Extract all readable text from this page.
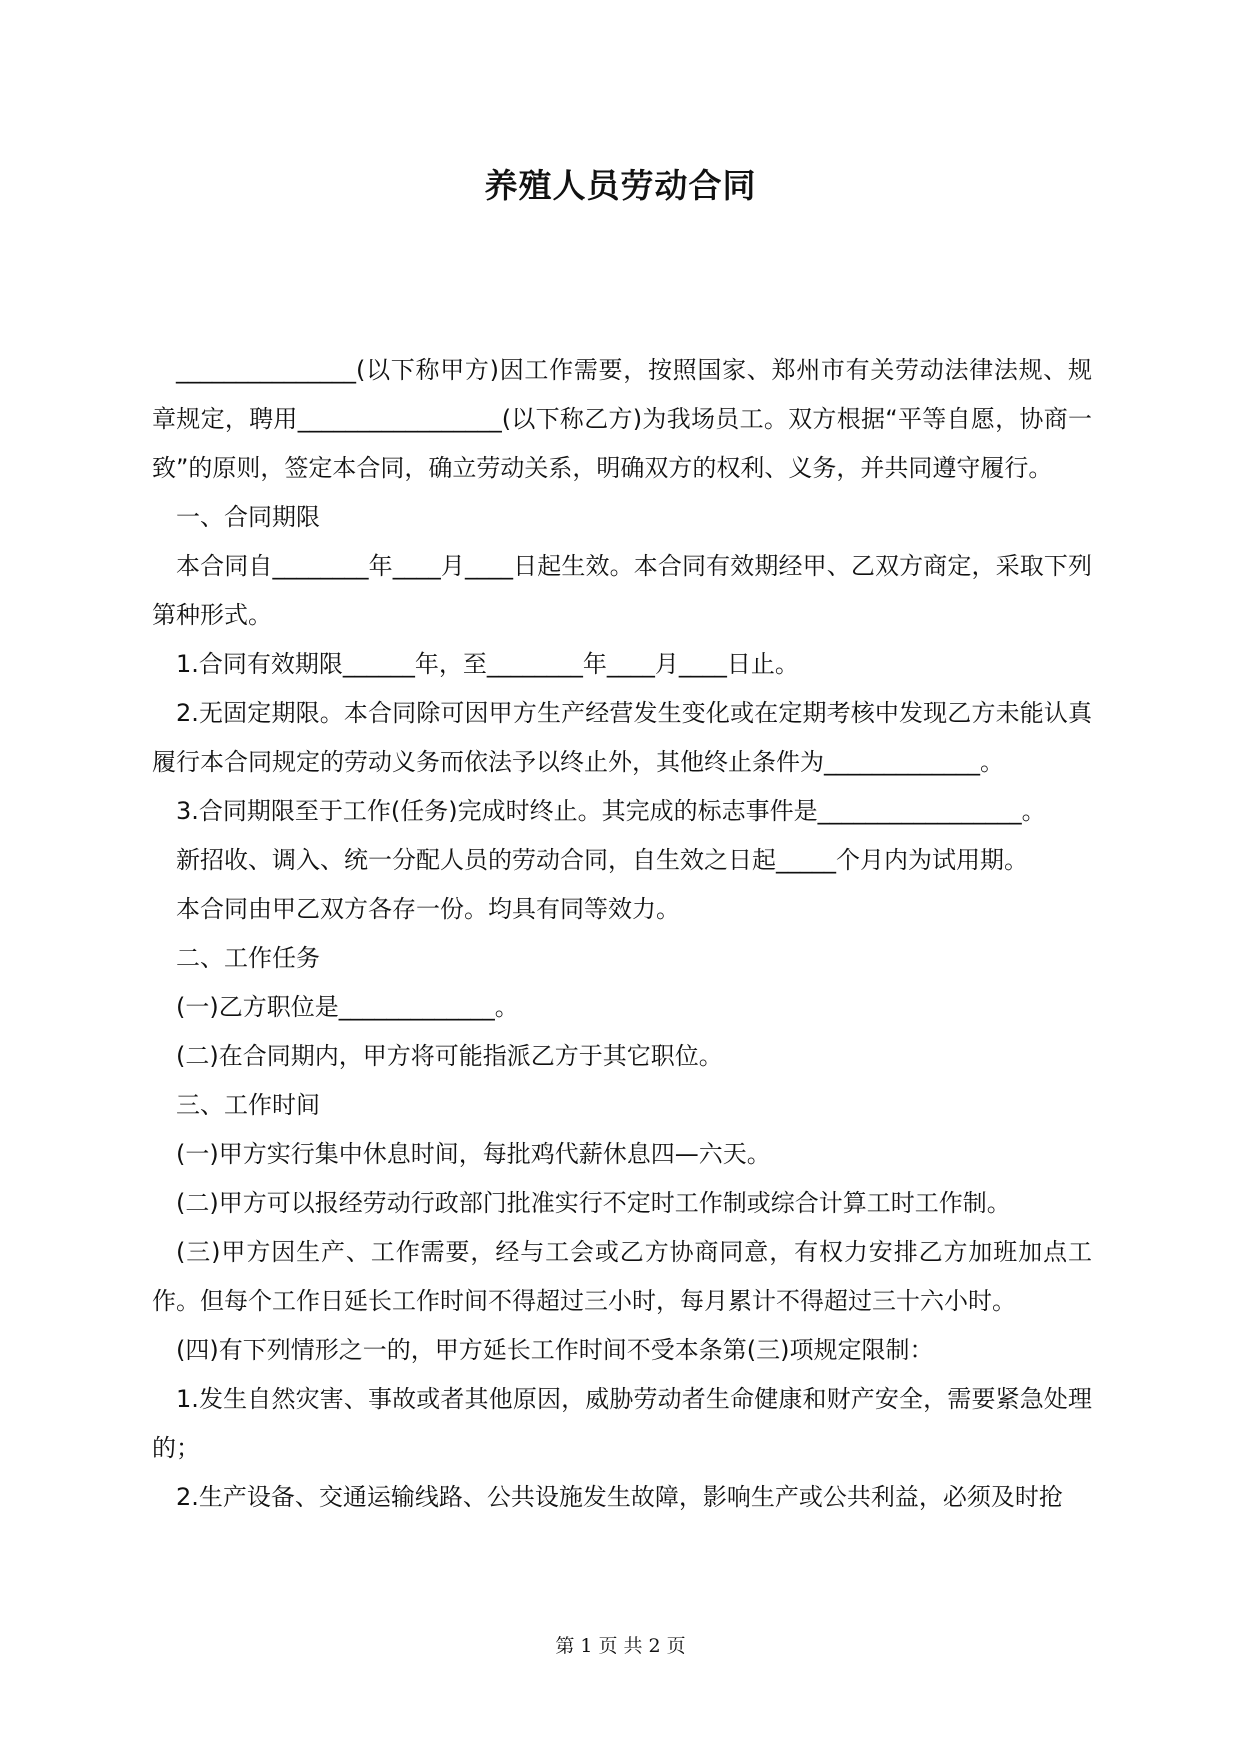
养殖人员劳动合同

_______________(以下称甲方)因工作需要，按照国家、郑州市有关劳动法律法规、规章规定，聘用_________________(以下称乙方)为我场员工。双方根据“平等自愿，协商一致”的原则，签定本合同，确立劳动关系，明确双方的权利、义务，并共同遵守履行。

一、合同期限

本合同自________年____月____日起生效。本合同有效期经甲、乙双方商定，采取下列第种形式。

1.合同有效期限______年，至________年____月____日止。

2.无固定期限。本合同除可因甲方生产经营发生变化或在定期考核中发现乙方未能认真履行本合同规定的劳动义务而依法予以终止外，其他终止条件为_____________。

3.合同期限至于工作(任务)完成时终止。其完成的标志事件是_________________。

新招收、调入、统一分配人员的劳动合同，自生效之日起_____个月内为试用期。

本合同由甲乙双方各存一份。均具有同等效力。

二、工作任务

(一)乙方职位是_____________。

(二)在合同期内，甲方将可能指派乙方于其它职位。

三、工作时间

(一)甲方实行集中休息时间，每批鸡代薪休息四—六天。

(二)甲方可以报经劳动行政部门批准实行不定时工作制或综合计算工时工作制。

(三)甲方因生产、工作需要，经与工会或乙方协商同意，有权力安排乙方加班加点工作。但每个工作日延长工作时间不得超过三小时，每月累计不得超过三十六小时。

(四)有下列情形之一的，甲方延长工作时间不受本条第(三)项规定限制：

1.发生自然灾害、事故或者其他原因，威胁劳动者生命健康和财产安全，需要紧急处理的；

2.生产设备、交通运输线路、公共设施发生故障，影响生产或公共利益，必须及时抢

第 1 页 共 2 页
